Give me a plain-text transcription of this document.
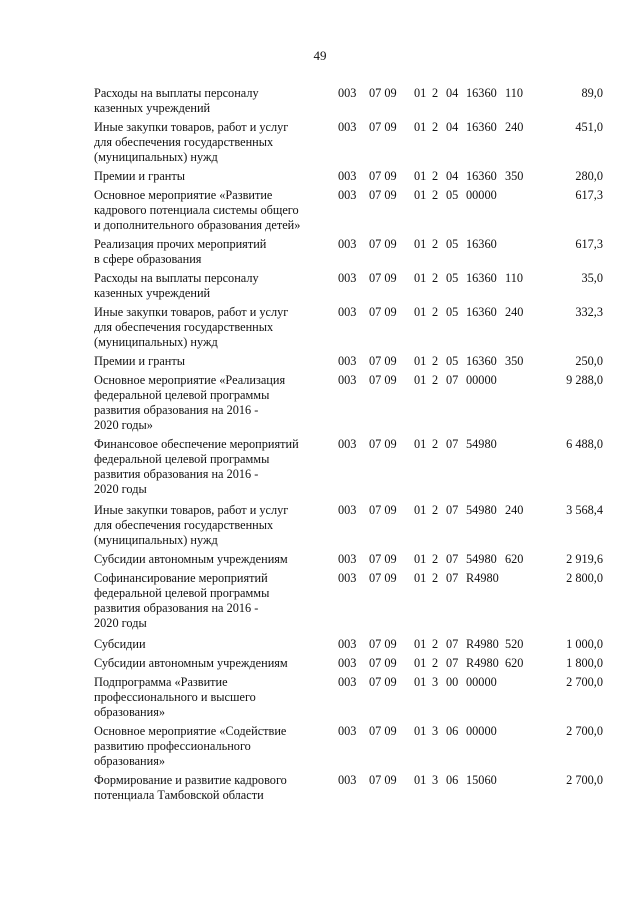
49
Расходы на выплаты персоналу
казенных учреждений
003 07 09 01 2 04 16360 110	89,0
Иные закупки товаров, работ и услуг
для обеспечения государственных
(муниципальных) нужд
003 07 09 01 2 04 16360 240	451,0
Премии и гранты	003 07 09 01 2 04 16360 350	280,0
Основное мероприятие «Развитие
кадрового потенциала системы общего
и дополнительного образования детей»
003 07 09 01 2 05 00000	617,3
Реализация прочих мероприятий
в сфере образования
003 07 09 01 2 05 16360	617,3
Расходы на выплаты персоналу
казенных учреждений
003 07 09 01 2 05 16360 110	35,0
Иные закупки товаров, работ и услуг
для обеспечения государственных
(муниципальных) нужд
003 07 09 01 2 05 16360 240	332,3
Премии и гранты	003 07 09 01 2 05 16360 350	250,0
Основное мероприятие «Реализация
федеральной целевой программы
развития образования на 2016 -
2020 годы»
003 07 09 01 2 07 00000	9 288,0
Финансовое обеспечение мероприятий
федеральной целевой программы
развития образования на 2016 -
2020 годы
003 07 09 01 2 07 54980	6 488,0
Иные закупки товаров, работ и услуг
для обеспечения государственных
(муниципальных) нужд
003 07 09 01 2 07 54980 240	3 568,4
Субсидии автономным учреждениям	003 07 09 01 2 07 54980 620	2 919,6
Софинансирование мероприятий
федеральной целевой программы
развития образования на 2016 -
2020 годы
003 07 09 01 2 07 R4980	2 800,0
Субсидии	003 07 09 01 2 07 R4980 520	1 000,0
Субсидии автономным учреждениям	003 07 09 01 2 07 R4980 620	1 800,0
Подпрограмма «Развитие
профессионального и высшего
образования»
003 07 09 01 3 00 00000	2 700,0
Основное мероприятие «Содействие
развитию профессионального
образования»
003 07 09 01 3 06 00000	2 700,0
Формирование и развитие кадрового
потенциала Тамбовской области
003 07 09 01 3 06 15060	2 700,0
